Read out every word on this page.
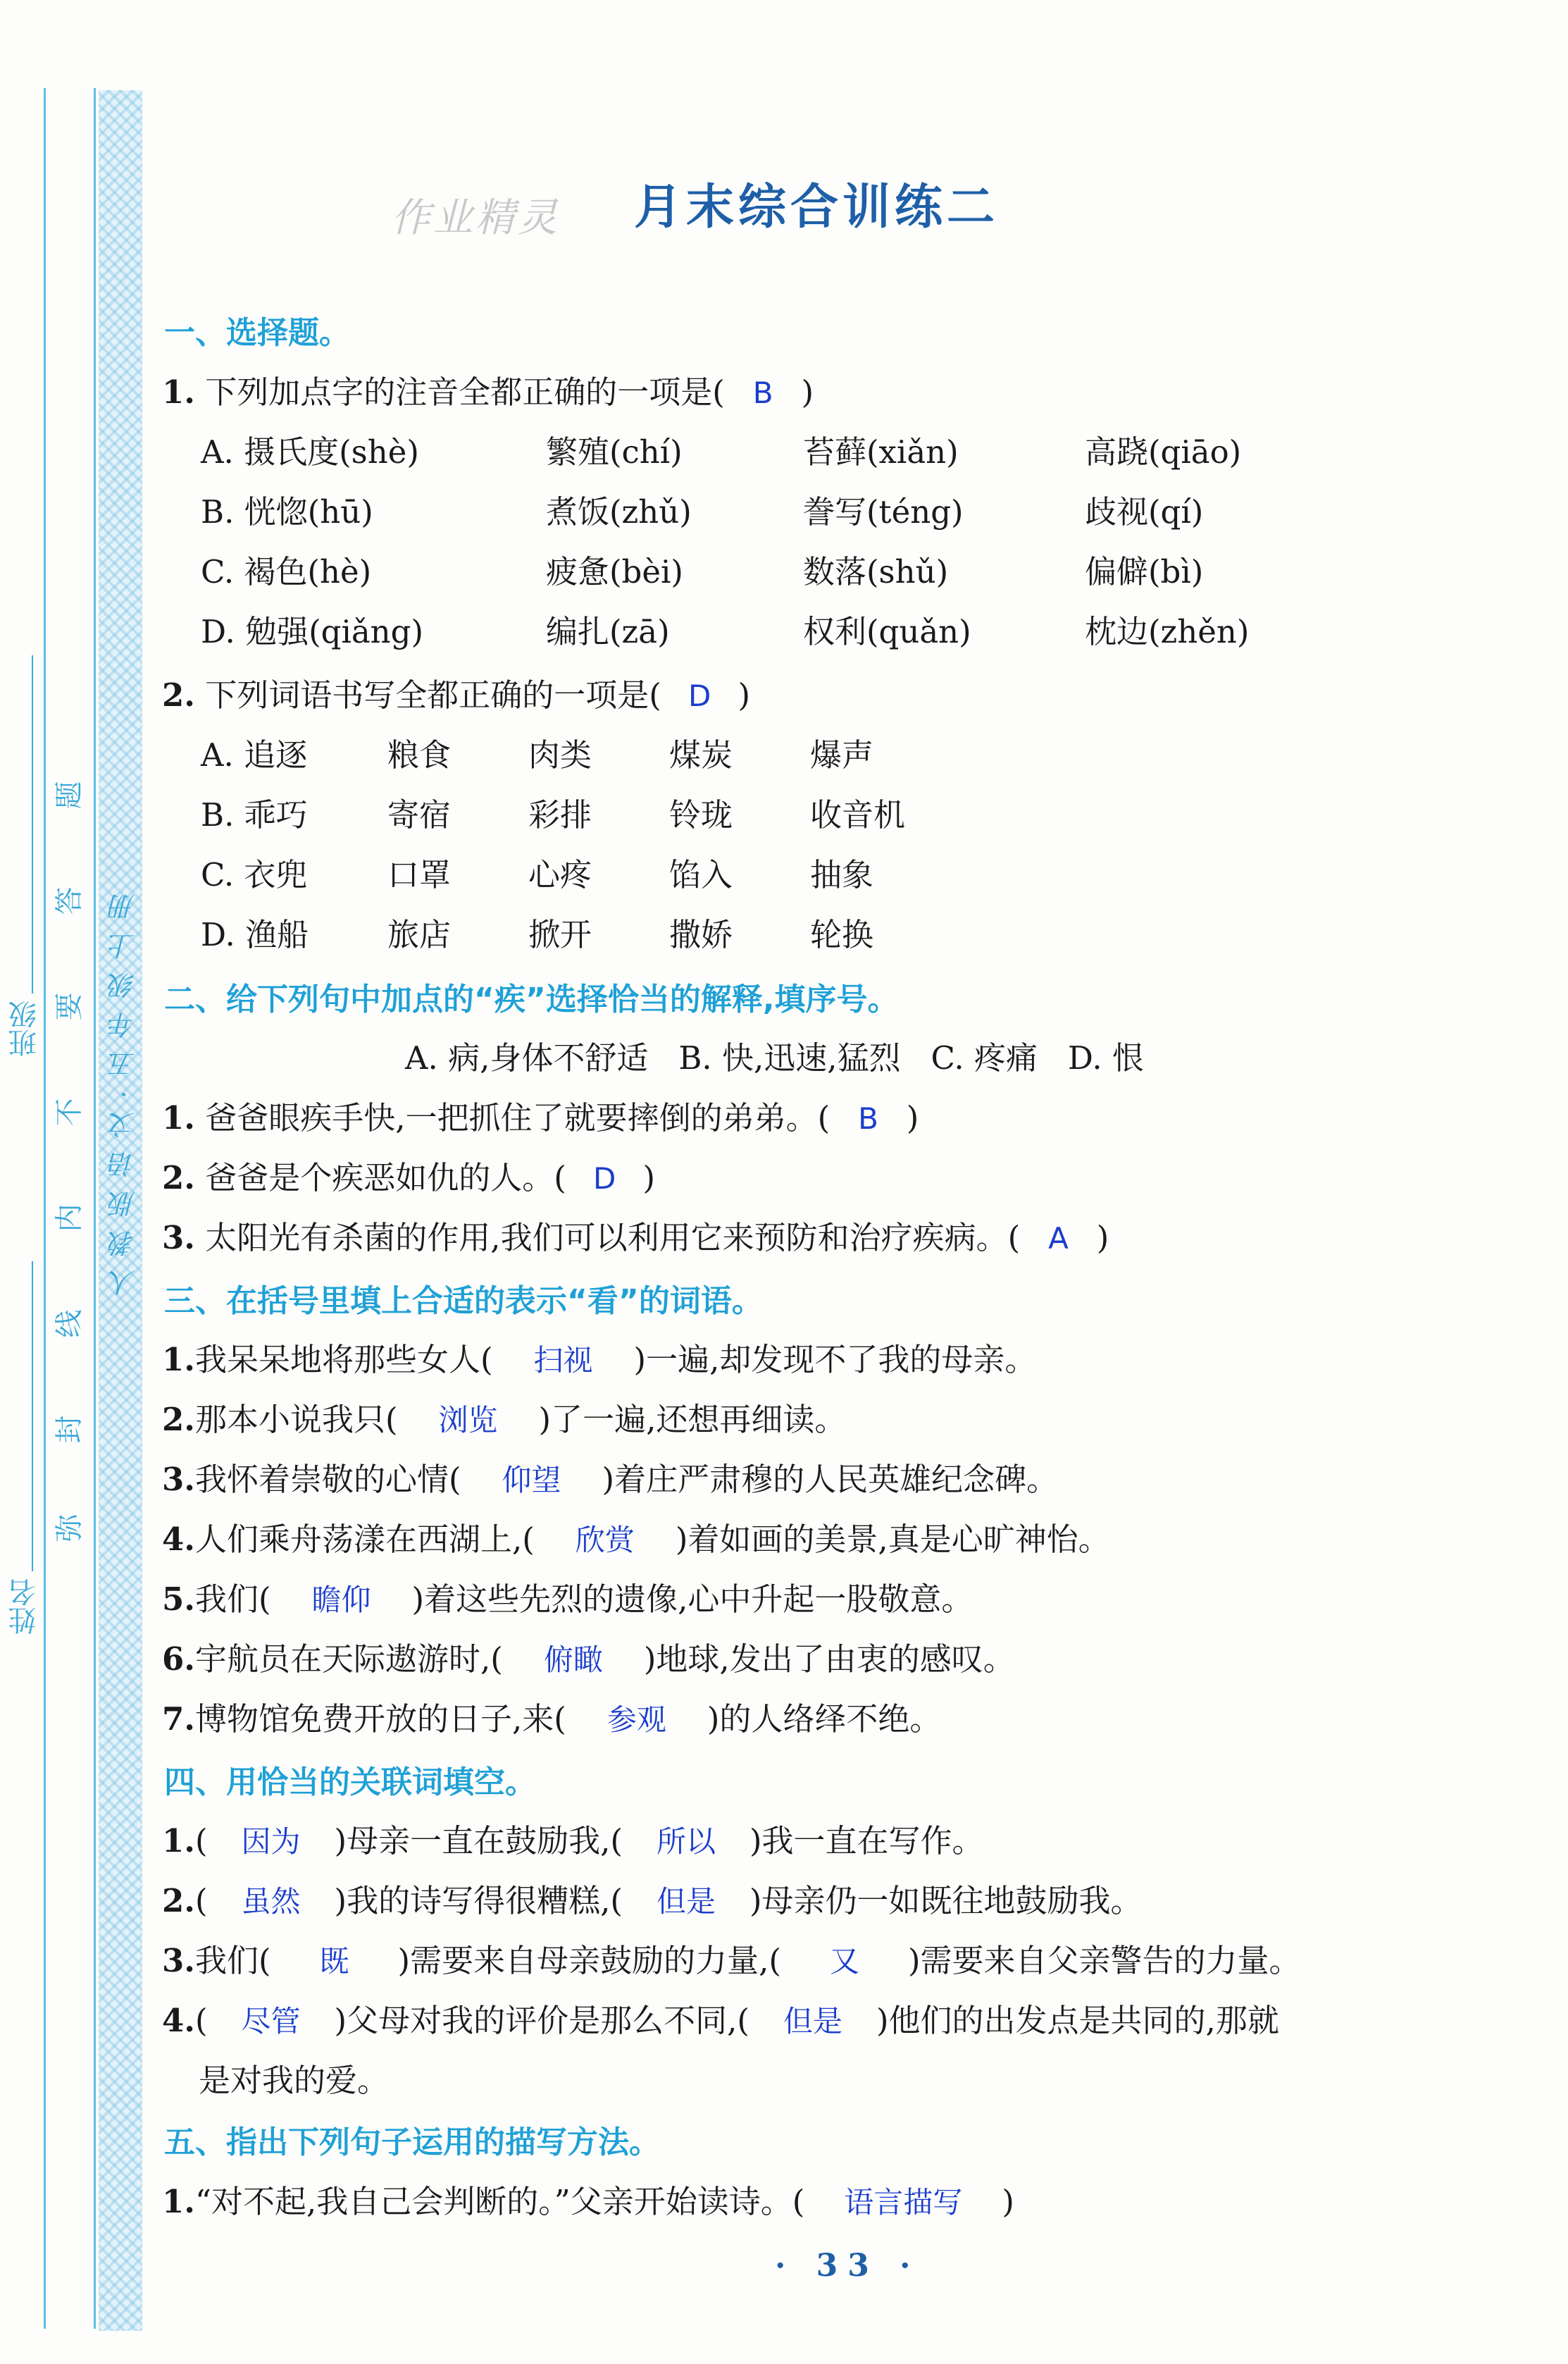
班级
姓名
题
答
要
不
内
线
封
弥
人教版语文·五年级上册
作业精灵 月末综合训练二
一、选择题。
1. 下列加点字的注音全都正确的一项是( B )
A. 摄氏度(shè)	繁殖(chí)	苔藓(xiǎn)	高跷(qiāo)
B. 恍惚(hū)	煮饭(zhǔ)	誊写(téng)	歧视(qí)
C. 褐色(hè)	疲惫(bèi)	数落(shǔ)	偏僻(bì)
D. 勉强(qiǎng)	编扎(zā)	权利(quǎn)	枕边(zhěn)
2. 下列词语书写全都正确的一项是( D )
A. 追逐	粮食 肉类 煤炭 爆声
B. 乖巧	寄宿 彩排 铃珑 收音机
C. 衣兜	口罩 心疼 馅入 抽象
D. 渔船 旅店 掀开 撒娇 轮换
二、给下列句中加点的“疾”选择恰当的解释,填序号。
A. 病,身体不舒适   B. 快,迅速,猛烈   C. 疼痛   D. 恨
1. 爸爸眼疾手快,一把抓住了就要摔倒的弟弟。( B )
2. 爸爸是个疾恶如仇的人。( D )
3. 太阳光有杀菌的作用,我们可以利用它来预防和治疗疾病。( A )
三、在括号里填上合适的表示“看”的词语。
1.我呆呆地将那些女人( 扫视 )一遍,却发现不了我的母亲。
2.那本小说我只( 浏览 )了一遍,还想再细读。
3.我怀着崇敬的心情( 仰望 )着庄严肃穆的人民英雄纪念碑。
4.人们乘舟荡漾在西湖上,( 欣赏 )着如画的美景,真是心旷神怡。
5.我们( 瞻仰 )着这些先烈的遗像,心中升起一股敬意。
6.宇航员在天际遨游时,( 俯瞰 )地球,发出了由衷的感叹。
7.博物馆免费开放的日子,来( 参观 )的人络绎不绝。
四、用恰当的关联词填空。
1.( 因为 )母亲一直在鼓励我,( 所以 )我一直在写作。
2.( 虽然 )我的诗写得很糟糕,( 但是 )母亲仍一如既往地鼓励我。
3.我们( 既 )需要来自母亲鼓励的力量,( 又 )需要来自父亲警告的力量。
4.( 尽管 )父母对我的评价是那么不同,( 但是 )他们的出发点是共同的,那就
是对我的爱。
五、指出下列句子运用的描写方法。
1.“对不起,我自己会判断的。”父亲开始读诗。( 语言描写 )
· 33 ·
